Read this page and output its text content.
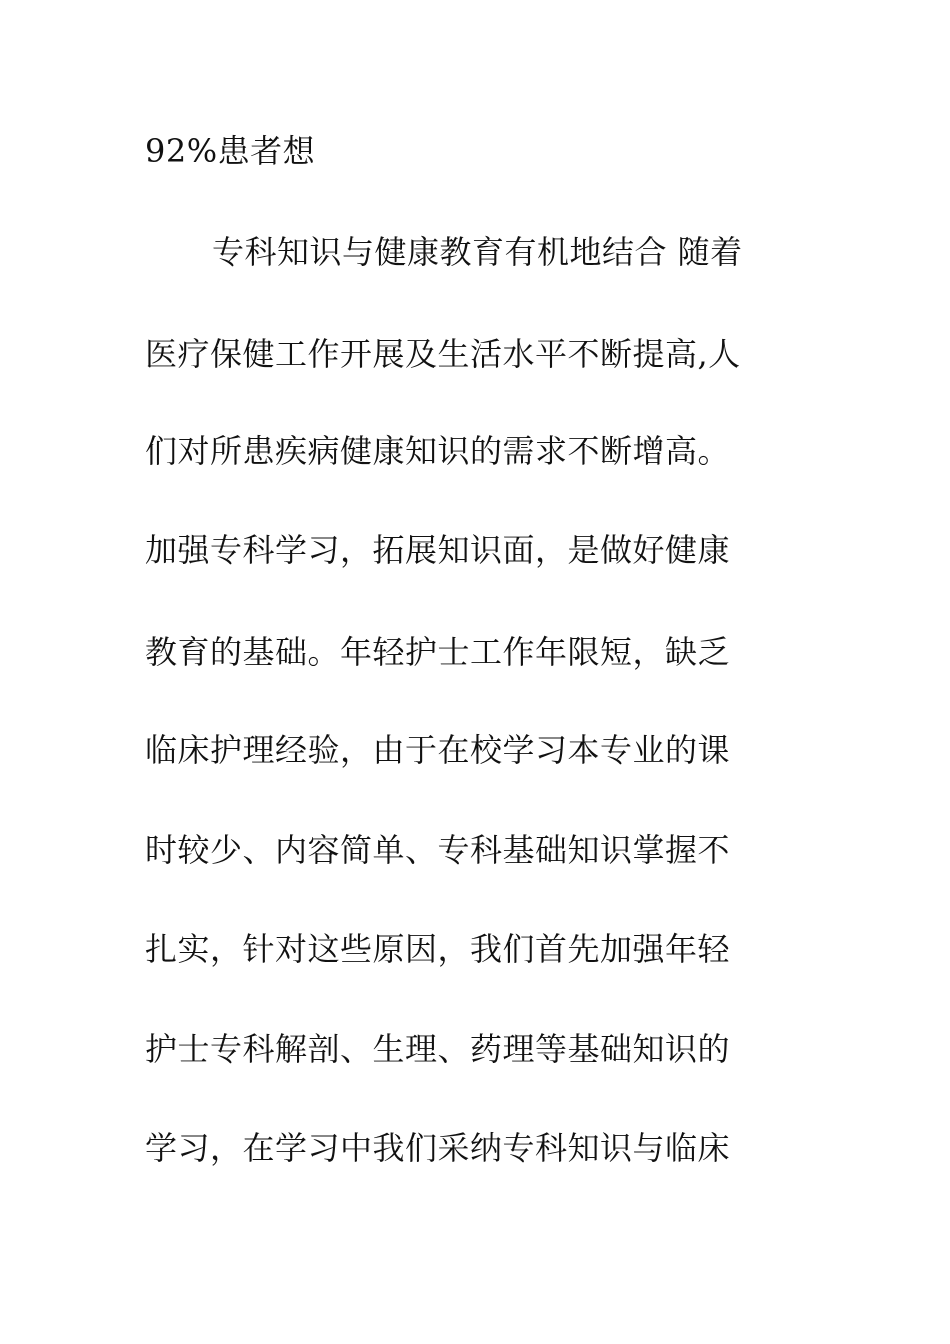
92%患者想
专科知识与健康教育有机地结合 随着
医疗保健工作开展及生活水平不断提高,人
们对所患疾病健康知识的需求不断增高。
加强专科学习，拓展知识面，是做好健康
教育的基础。年轻护士工作年限短，缺乏
临床护理经验，由于在校学习本专业的课
时较少、内容简单、专科基础知识掌握不
扎实，针对这些原因，我们首先加强年轻
护士专科解剖、生理、药理等基础知识的
学习，在学习中我们采纳专科知识与临床
